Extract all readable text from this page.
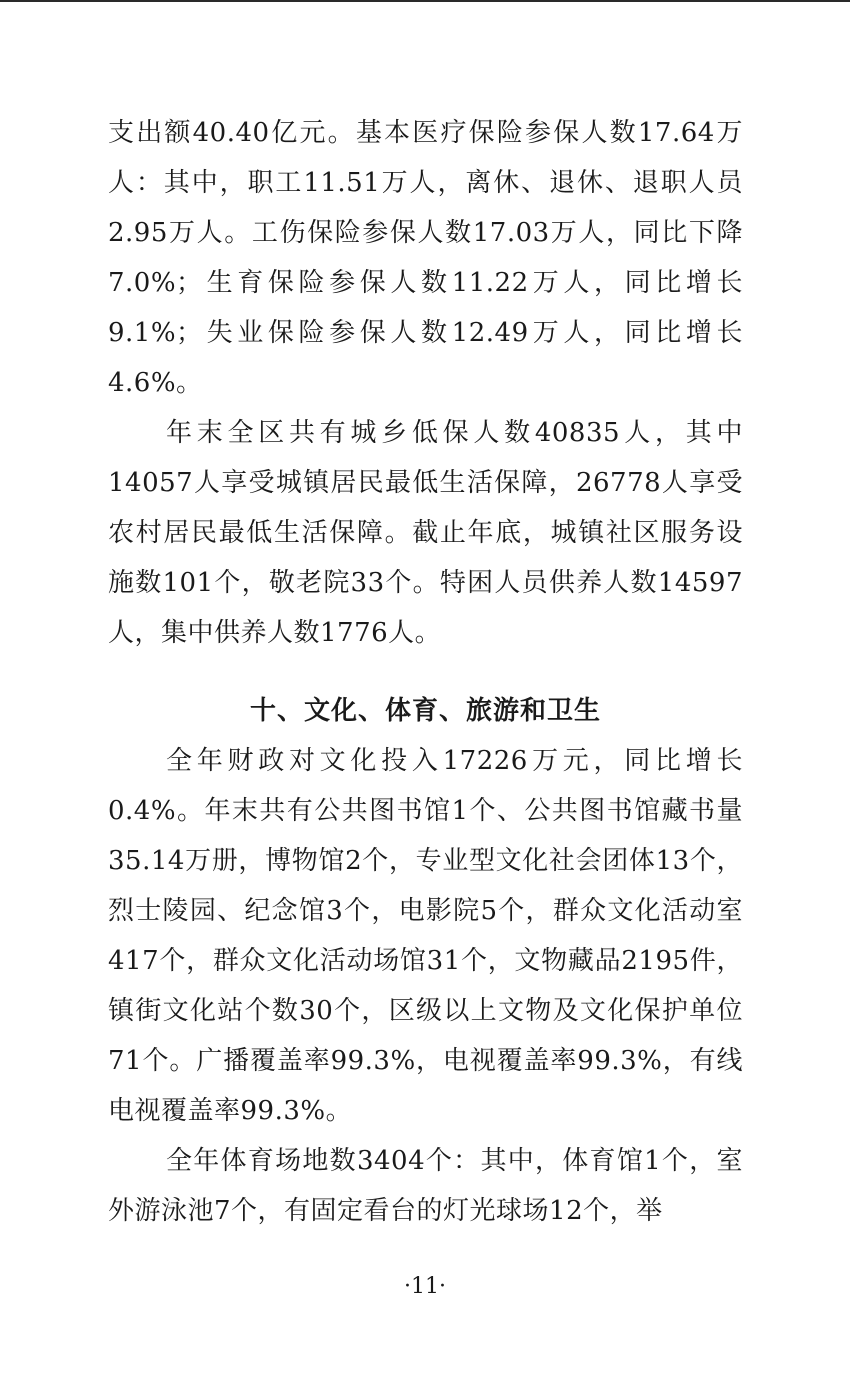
支出额40.40亿元。基本医疗保险参保人数17.64万人：其中，职工11.51万人，离休、退休、退职人员2.95万人。工伤保险参保人数17.03万人，同比下降7.0%；生育保险参保人数11.22万人，同比增长9.1%；失业保险参保人数12.49万人，同比增长4.6%。

年末全区共有城乡低保人数40835人，其中14057人享受城镇居民最低生活保障，26778人享受农村居民最低生活保障。截止年底，城镇社区服务设施数101个，敬老院33个。特困人员供养人数14597人，集中供养人数1776人。

十、文化、体育、旅游和卫生

全年财政对文化投入17226万元，同比增长0.4%。年末共有公共图书馆1个、公共图书馆藏书量35.14万册，博物馆2个，专业型文化社会团体13个，烈士陵园、纪念馆3个，电影院5个，群众文化活动室417个，群众文化活动场馆31个，文物藏品2195件，镇街文化站个数30个，区级以上文物及文化保护单位71个。广播覆盖率99.3%，电视覆盖率99.3%，有线电视覆盖率99.3%。

全年体育场地数3404个：其中，体育馆1个，室外游泳池7个，有固定看台的灯光球场12个，举

·11·
